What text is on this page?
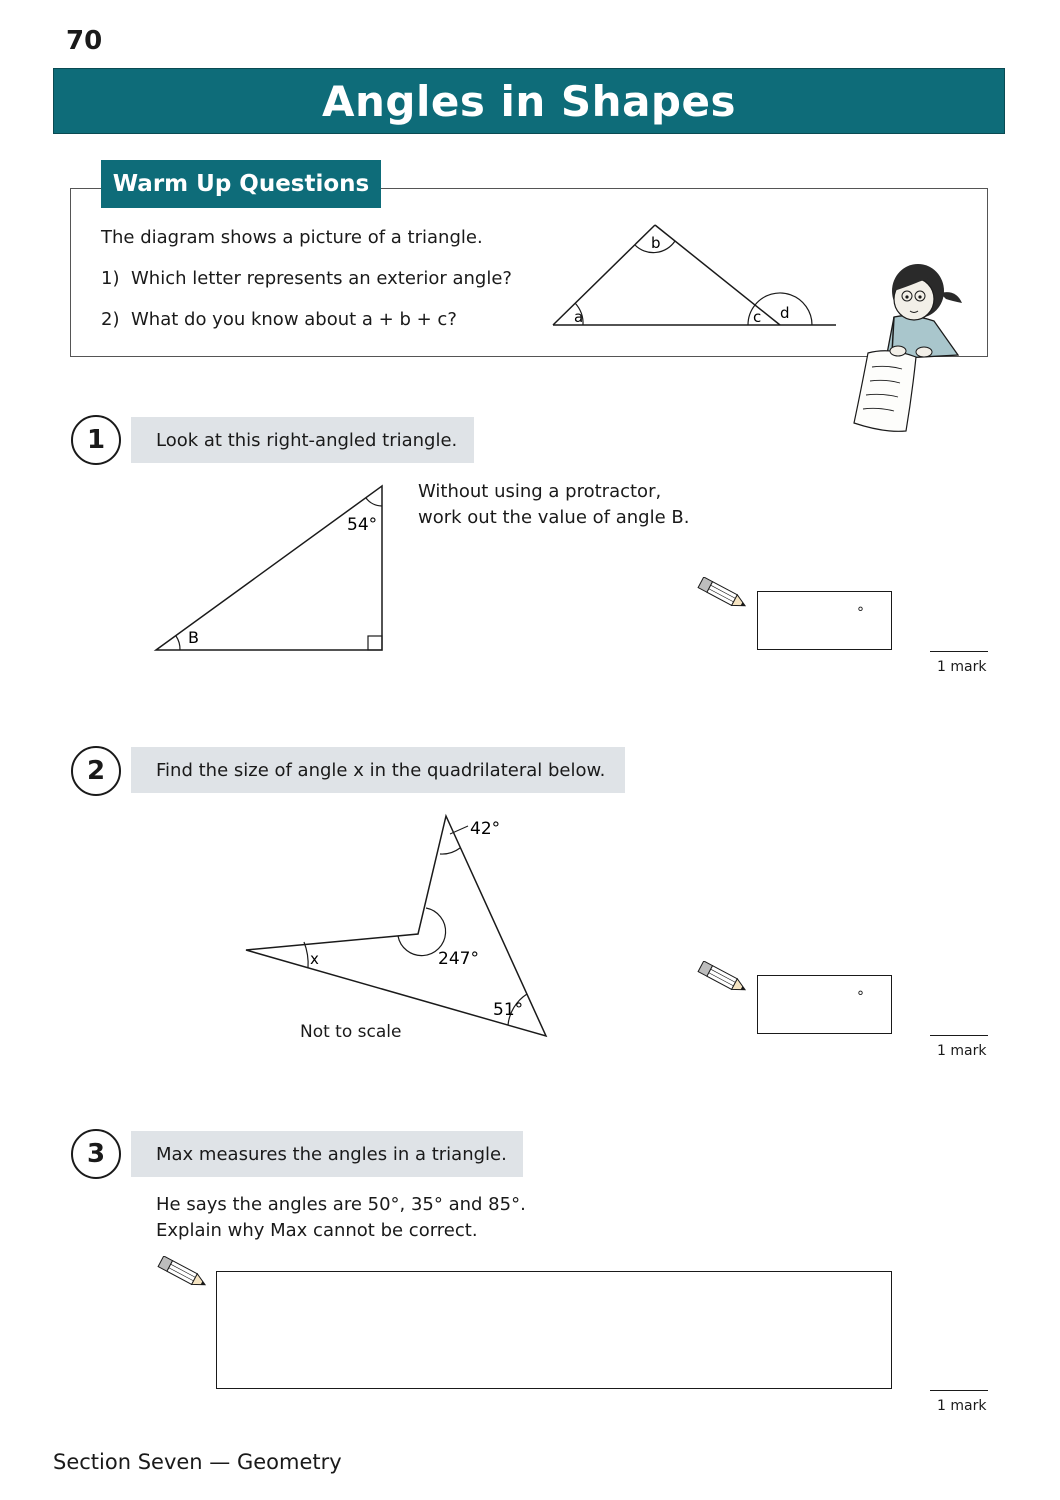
70
Angles in Shapes
Warm Up Questions
The diagram shows a picture of a triangle.
1) Which letter represents an exterior angle?
2) What do you know about a + b + c?	a
b
c d
1	Look at this right-angled triangle.
54°
B
Without using a protractor,
work out the value of angle B.
°
1 mark
2	Find the size of angle x in the quadrilateral below.
42°
247°
51°
x
Not to scale
°
1 mark
3	Max measures the angles in a triangle.
He says the angles are 50°, 35° and 85°.
Explain why Max cannot be correct.
1 mark
Section Seven — Geometry
